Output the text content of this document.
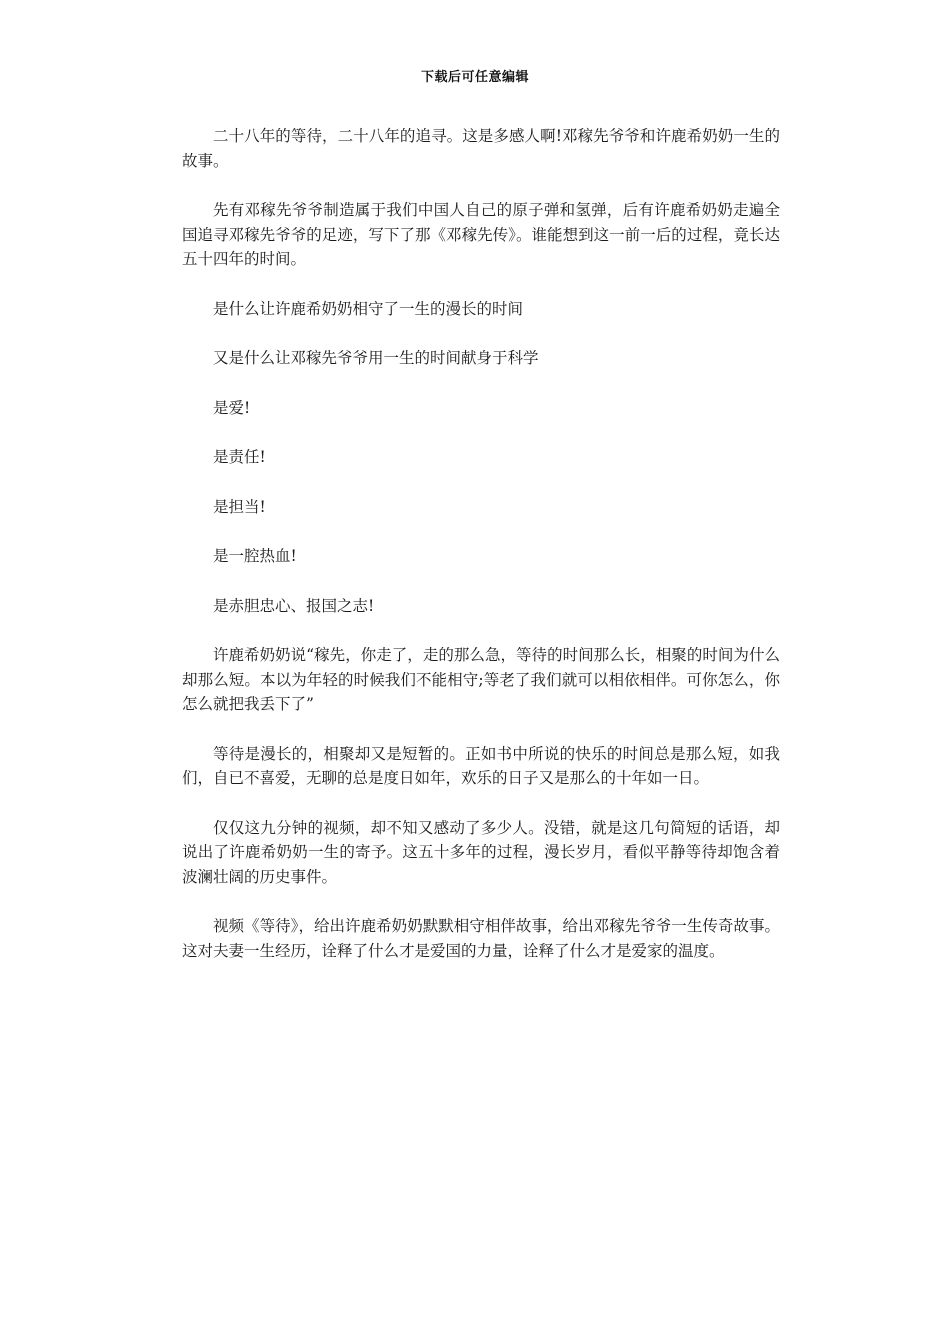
下载后可任意编辑

二十八年的等待，二十八年的追寻。这是多感人啊!邓稼先爷爷和许鹿希奶奶一生的故事。

先有邓稼先爷爷制造属于我们中国人自己的原子弹和氢弹，后有许鹿希奶奶走遍全国追寻邓稼先爷爷的足迹，写下了那《邓稼先传》。谁能想到这一前一后的过程，竟长达五十四年的时间。

是什么让许鹿希奶奶相守了一生的漫长的时间

又是什么让邓稼先爷爷用一生的时间献身于科学

是爱!

是责任!

是担当!

是一腔热血!

是赤胆忠心、报国之志!

许鹿希奶奶说“稼先，你走了，走的那么急，等待的时间那么长，相聚的时间为什么却那么短。本以为年轻的时候我们不能相守;等老了我们就可以相依相伴。可你怎么，你怎么就把我丢下了”

等待是漫长的，相聚却又是短暂的。正如书中所说的快乐的时间总是那么短，如我们，自已不喜爱，无聊的总是度日如年，欢乐的日子又是那么的十年如一日。

仅仅这九分钟的视频，却不知又感动了多少人。没错，就是这几句简短的话语，却说出了许鹿希奶奶一生的寄予。这五十多年的过程，漫长岁月，看似平静等待却饱含着波澜壮阔的历史事件。

视频《等待》，给出许鹿希奶奶默默相守相伴故事，给出邓稼先爷爷一生传奇故事。这对夫妻一生经历，诠释了什么才是爱国的力量，诠释了什么才是爱家的温度。
